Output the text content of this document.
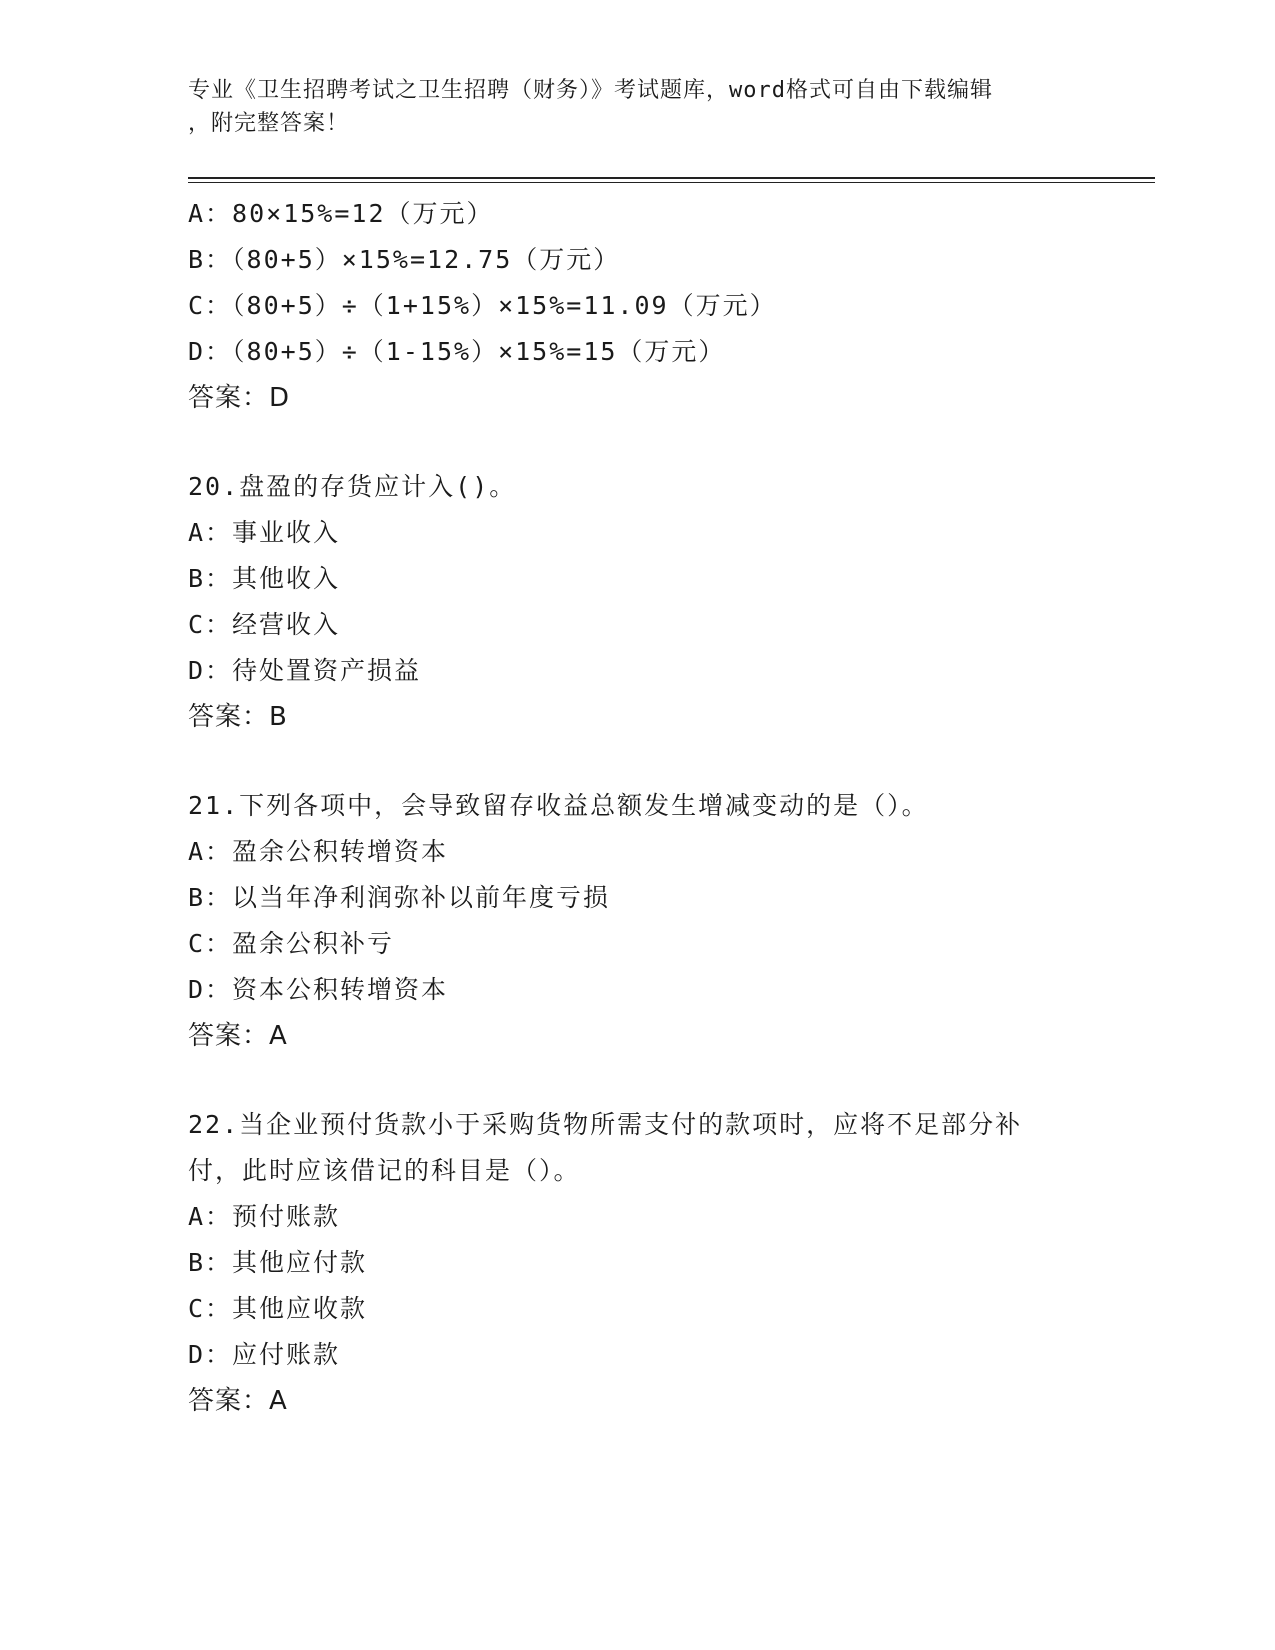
专业《卫生招聘考试之卫生招聘（财务）》考试题库，word格式可自由下载编辑
，附完整答案！
A：80×15%=12（万元）
B：（80+5）×15%=12.75（万元）
C：（80+5）÷（1+15%）×15%=11.09（万元）
D：（80+5）÷（1-15%）×15%=15（万元）
答案：D
20.盘盈的存货应计入()。
A：事业收入
B：其他收入
C：经营收入
D：待处置资产损益
答案：B
21.下列各项中，会导致留存收益总额发生增减变动的是（）。
A：盈余公积转增资本
B：以当年净利润弥补以前年度亏损
C：盈余公积补亏
D：资本公积转增资本
答案：A
22.当企业预付货款小于采购货物所需支付的款项时，应将不足部分补
付，此时应该借记的科目是（）。
A：预付账款
B：其他应付款
C：其他应收款
D：应付账款
答案：A
